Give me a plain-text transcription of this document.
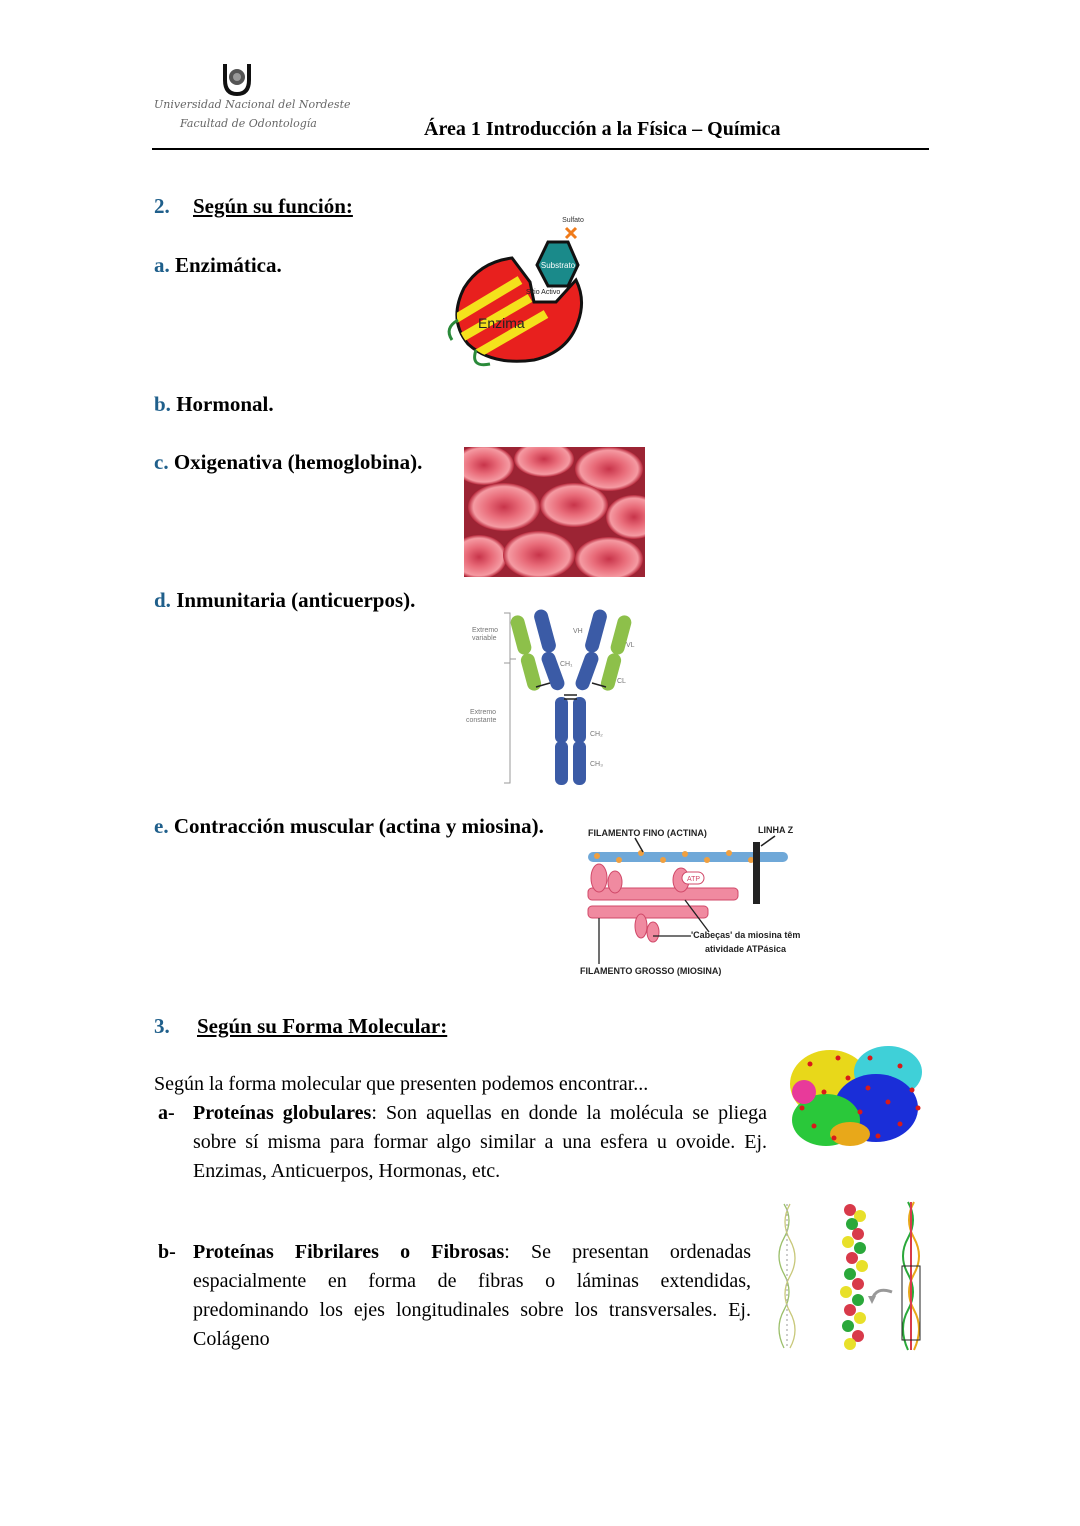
Universidad Nacional del Nordeste
Facultad de Odontología	Área 1 Introducción a la Física – Química
2. Según su función:
a. Enzimática.
b. Hormonal.
c. Oxigenativa (hemoglobina).
d. Inmunitaria (anticuerpos).
e. Contracción muscular (actina y miosina).
Substrato
Sulfato
Sitio Activo
Enzima
Extremo
variable
Extremo
constante
VH
VL
CH₁
CL
CH₂
CH₃
FILAMENTO FINO (ACTINA)	LINHA Z
'Cabeças' da miosina têm
atividade ATPásica
FILAMENTO GROSSO (MIOSINA)
ATP
3. Según su Forma Molecular:
Según la forma molecular que presenten podemos encontrar...
a- Proteínas globulares: Son aquellas en donde la molécula se pliega sobre sí misma para formar algo similar a una esfera u ovoide. Ej. Enzimas, Anticuerpos, Hormonas, etc.
b- Proteínas Fibrilares o Fibrosas: Se presentan ordenadas espacialmente en forma de fibras o láminas extendidas, predominando los ejes longitudinales sobre los transversales. Ej. Colágeno
